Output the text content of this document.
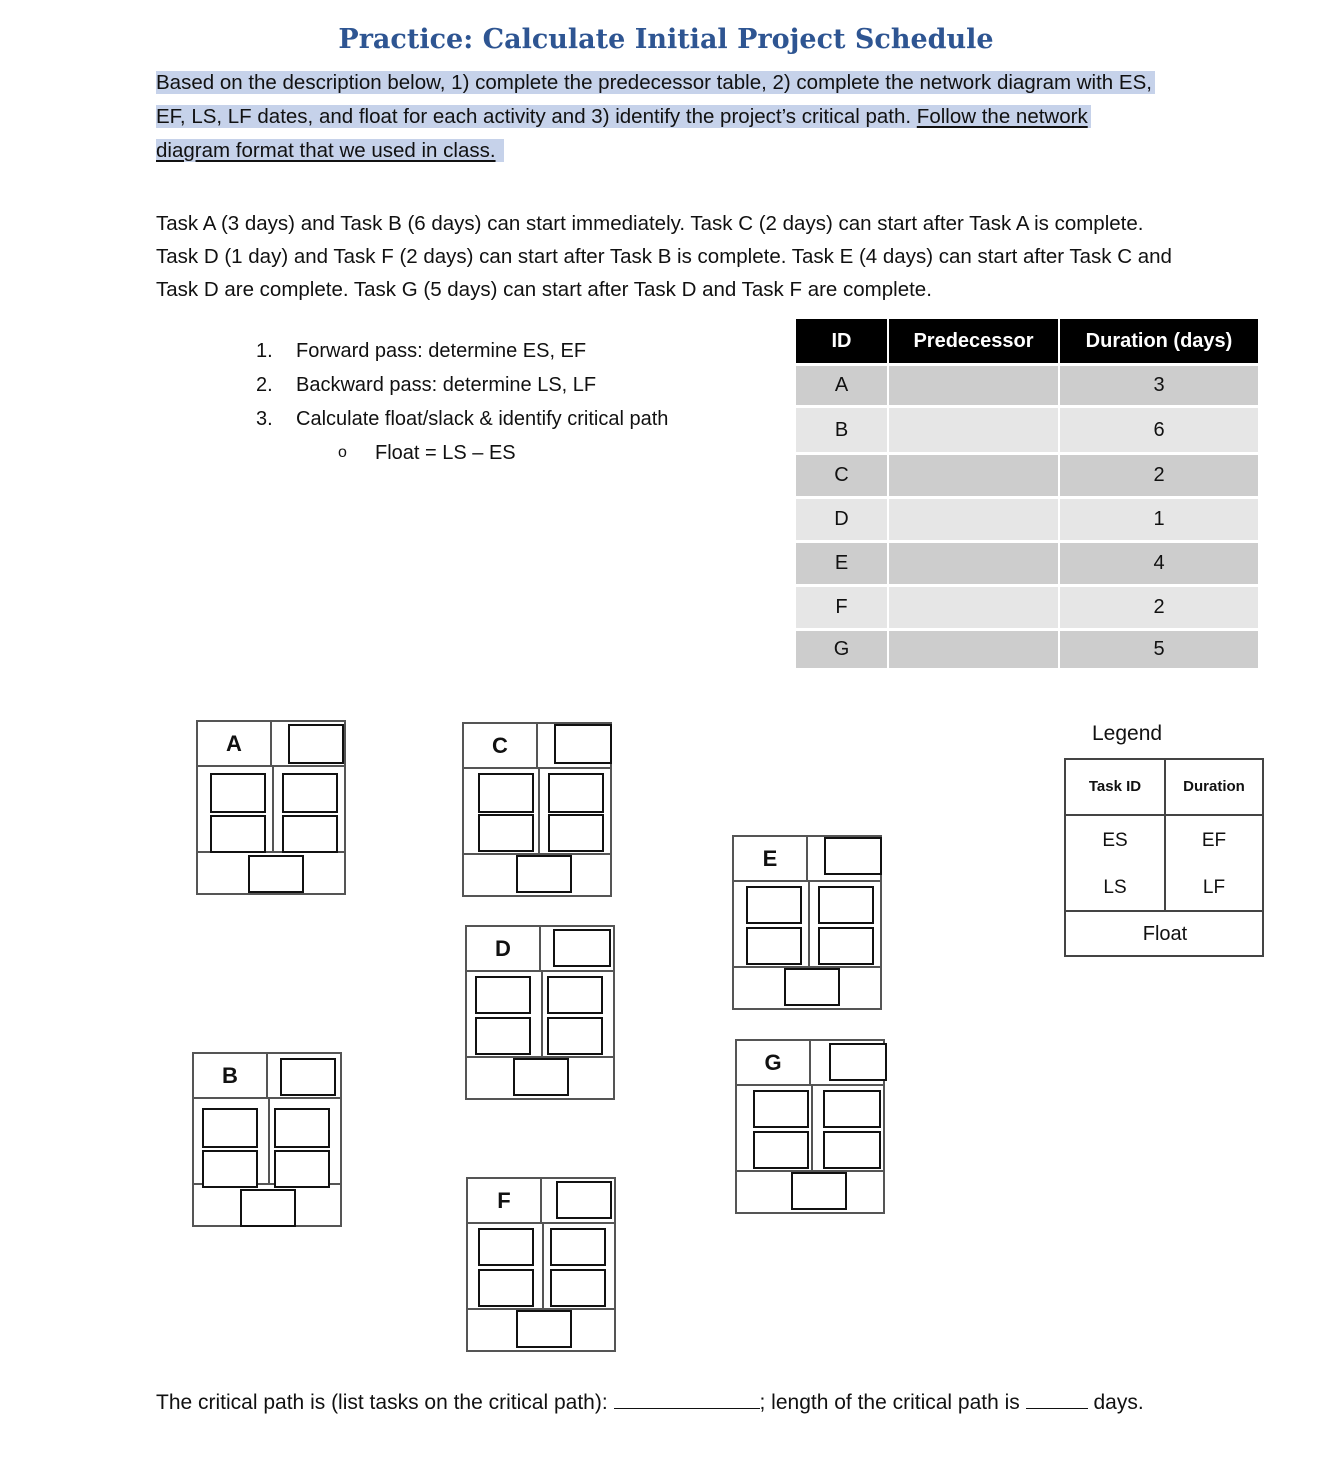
Practice: Calculate Initial Project Schedule
Based on the description below, 1) complete the predecessor table, 2) complete the network diagram with ES, EF, LS, LF dates, and float for each activity and 3) identify the project’s critical path. Follow the network diagram format that we used in class.
Task A (3 days) and Task B (6 days) can start immediately. Task C (2 days) can start after Task A is complete. Task D (1 day) and Task F (2 days) can start after Task B is complete. Task E (4 days) can start after Task C and Task D are complete. Task G (5 days) can start after Task D and Task F are complete.
1.	Forward pass: determine ES, EF
2.	Backward pass: determine LS, LF
3.	Calculate float/slack & identify critical path
o	Float = LS – ES
ID	Predecessor	Duration (days)
A		3
B		6
C		2
D		1
E		4
F		2
G		5
A
B
C
D
F
E
G
Legend
Task ID	Duration
ES	EF
LS	LF
Float
The critical path is (list tasks on the critical path):	; length of the critical path is	days.
